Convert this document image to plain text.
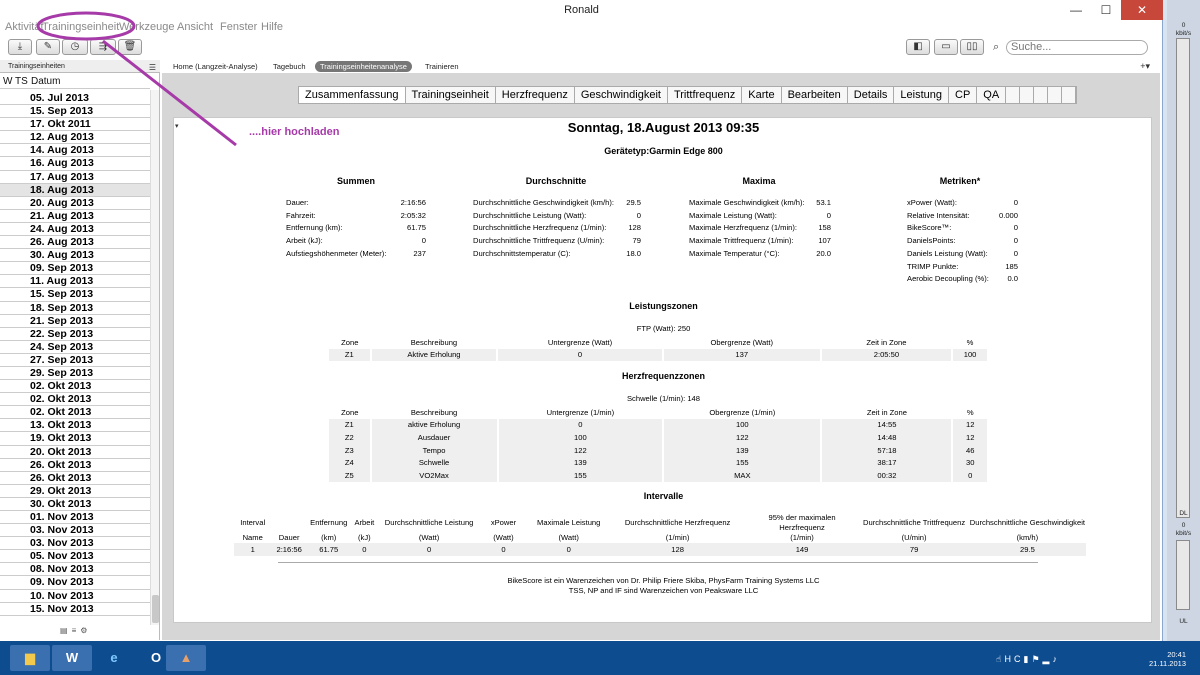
Ronald	—	☐	✕
Aktivität
Trainingseinheit Werkzeuge Ansicht Fenster Hilfe
⤓	✎	◷	⇶	🗑	◧	▭	▯▯	⌕	Suche...
Trainingseinheiten	☰
W TS Datum
05. Jul 2013
15. Sep 2013
17. Okt 2011
12. Aug 2013
14. Aug 2013
16. Aug 2013
17. Aug 2013
18. Aug 2013
20. Aug 2013
21. Aug 2013
24. Aug 2013
26. Aug 2013
30. Aug 2013
09. Sep 2013
11. Aug 2013
15. Sep 2013
18. Sep 2013
21. Sep 2013
22. Sep 2013
24. Sep 2013
27. Sep 2013
29. Sep 2013
02. Okt 2013
02. Okt 2013
02. Okt 2013
13. Okt 2013
19. Okt 2013
20. Okt 2013
26. Okt 2013
26. Okt 2013
29. Okt 2013
30. Okt 2013
01. Nov 2013
03. Nov 2013
03. Nov 2013
05. Nov 2013
08. Nov 2013
09. Nov 2013
10. Nov 2013
15. Nov 2013
▤≡⚙
Home (Langzeit-Analyse) Tagebuch	Trainingseinheitenanalyse	Trainieren	+▾
Zusammenfassung	Trainingseinheit	Herzfrequenz	Geschwindigkeit	Trittfrequenz	Karte	Bearbeiten	Details	Leistung	CP	QA
▾	Sonntag, 18.August 2013 09:35
Gerätetyp:Garmin Edge 800
Summen	Durchschnitte	Maxima	Metriken*
Dauer:	2:16:56
Fahrzeit:	2:05:32
Entfernung (km):	61.75
Arbeit (kJ):	0
Aufstiegshöhenmeter (Meter):	237
Durchschnittliche Geschwindigkeit (km/h): 29.5
Durchschnittliche Leistung (Watt):	0
Durchschnittliche Herzfrequenz (1/min):	128
Durchschnittliche Trittfrequenz (U/min):	79
Durchschnittstemperatur (C):	18.0
Maximale Geschwindigkeit (km/h): 53.1
Maximale Leistung (Watt):	0
Maximale Herzfrequenz (1/min):	158
Maximale Trittfrequenz (1/min):	107
Maximale Temperatur (°C):	20.0
xPower (Watt):	0
Relative Intensität:	0.000
BikeScore™:	0
DanielsPoints:	0
Daniels Leistung (Watt):	0
TRIMP Punkte:	185
Aerobic Decoupling (%): 0.0
Leistungszonen
FTP (Watt): 250
Zone	Beschreibung	Untergrenze (Watt)	Obergrenze (Watt)	Zeit in Zone	%
Z1	Aktive Erholung	0	137	2:05:50	100
Herzfrequenzzonen
Schwelle (1/min): 148
Zone	Beschreibung	Untergrenze (1/min)	Obergrenze (1/min)	Zeit in Zone	%
Z1	aktive Erholung	0	100	14:55	12
Z2	Ausdauer	100	122	14:48	12
Z3	Tempo	122	139	57:18	46
Z4	Schwelle	139	155	38:17	30
Z5	VO2Max	155	MAX	00:32	0
Intervalle
Interval		Entfernung	Arbeit	Durchschnittliche Leistung	xPower	Maximale Leistung	Durchschnittliche Herzfrequenz	95% der maximalen Herzfrequenz	Durchschnittliche Trittfrequenz	Durchschnittliche Geschwindigkeit
Name	Dauer	(km)	(kJ)	(Watt)	(Watt)	(Watt)	(1/min)	(1/min)	(U/min)	(km/h)
1	2:16:56	61.75	0	0	0	0	128	149	79	29.5
BikeScore ist ein Warenzeichen von Dr. Philip Friere Skiba, PhysFarm Training Systems LLC
TSS, NP and IF sind Warenzeichen von Peaksware LLC
....hier hochladen
0
kbit/s
DL
0
kbit/s
UL
▆	W	e	O	▲	☝HC▮⚑▂♪	20:41
21.11.2013
